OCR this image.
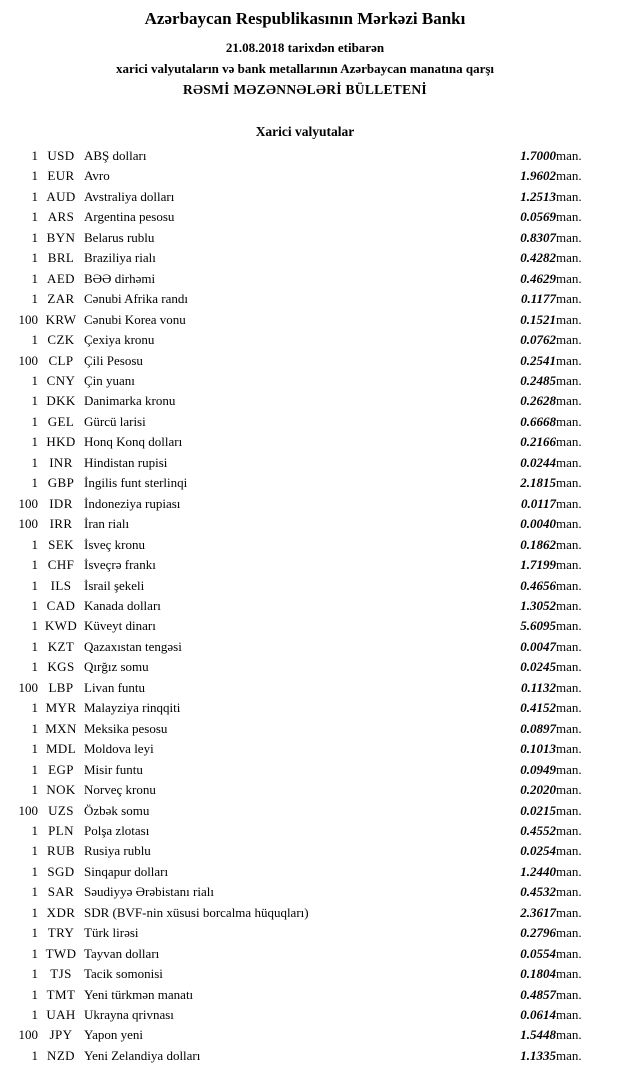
Azərbaycan Respublikasının Mərkəzi Bankı

21.08.2018 tarixdən etibarən

xarici valyutaların və bank metallarının Azərbaycan manatına qarşı

RƏSMİ MƏZƏNNƏLƏRİ BÜLLETENİ

Xarici valyutalar
1	USD	ABŞ dolları	1.7000	man.
1	EUR	Avro	1.9602	man.
1	AUD	Avstraliya dolları	1.2513	man.
1	ARS	Argentina pesosu	0.0569	man.
1	BYN	Belarus rublu	0.8307	man.
1	BRL	Braziliya rialı	0.4282	man.
1	AED	BƏƏ dirhəmi	0.4629	man.
1	ZAR	Cənubi Afrika randı	0.1177	man.
100	KRW	Cənubi Korea vonu	0.1521	man.
1	CZK	Çexiya kronu	0.0762	man.
100	CLP	Çili Pesosu	0.2541	man.
1	CNY	Çin yuanı	0.2485	man.
1	DKK	Danimarka kronu	0.2628	man.
1	GEL	Gürcü larisi	0.6668	man.
1	HKD	Honq Konq dolları	0.2166	man.
1	INR	Hindistan rupisi	0.0244	man.
1	GBP	İngilis funt sterlinqi	2.1815	man.
100	IDR	İndoneziya rupiası	0.0117	man.
100	IRR	İran rialı	0.0040	man.
1	SEK	İsveç kronu	0.1862	man.
1	CHF	İsveçrə frankı	1.7199	man.
1	ILS	İsrail şekeli	0.4656	man.
1	CAD	Kanada dolları	1.3052	man.
1	KWD	Küveyt dinarı	5.6095	man.
1	KZT	Qazaxıstan tengəsi	0.0047	man.
1	KGS	Qırğız somu	0.0245	man.
100	LBP	Livan funtu	0.1132	man.
1	MYR	Malayziya rinqqiti	0.4152	man.
1	MXN	Meksika pesosu	0.0897	man.
1	MDL	Moldova leyi	0.1013	man.
1	EGP	Misir funtu	0.0949	man.
1	NOK	Norveç kronu	0.2020	man.
100	UZS	Özbək somu	0.0215	man.
1	PLN	Polşa zlotası	0.4552	man.
1	RUB	Rusiya rublu	0.0254	man.
1	SGD	Sinqapur dolları	1.2440	man.
1	SAR	Səudiyyə Ərəbistanı rialı	0.4532	man.
1	XDR	SDR (BVF-nin xüsusi borcalma hüquqları)	2.3617	man.
1	TRY	Türk lirəsi	0.2796	man.
1	TWD	Tayvan dolları	0.0554	man.
1	TJS	Tacik somonisi	0.1804	man.
1	TMT	Yeni türkmən manatı	0.4857	man.
1	UAH	Ukrayna qrivnası	0.0614	man.
100	JPY	Yapon yeni	1.5448	man.
1	NZD	Yeni Zelandiya dolları	1.1335	man.
